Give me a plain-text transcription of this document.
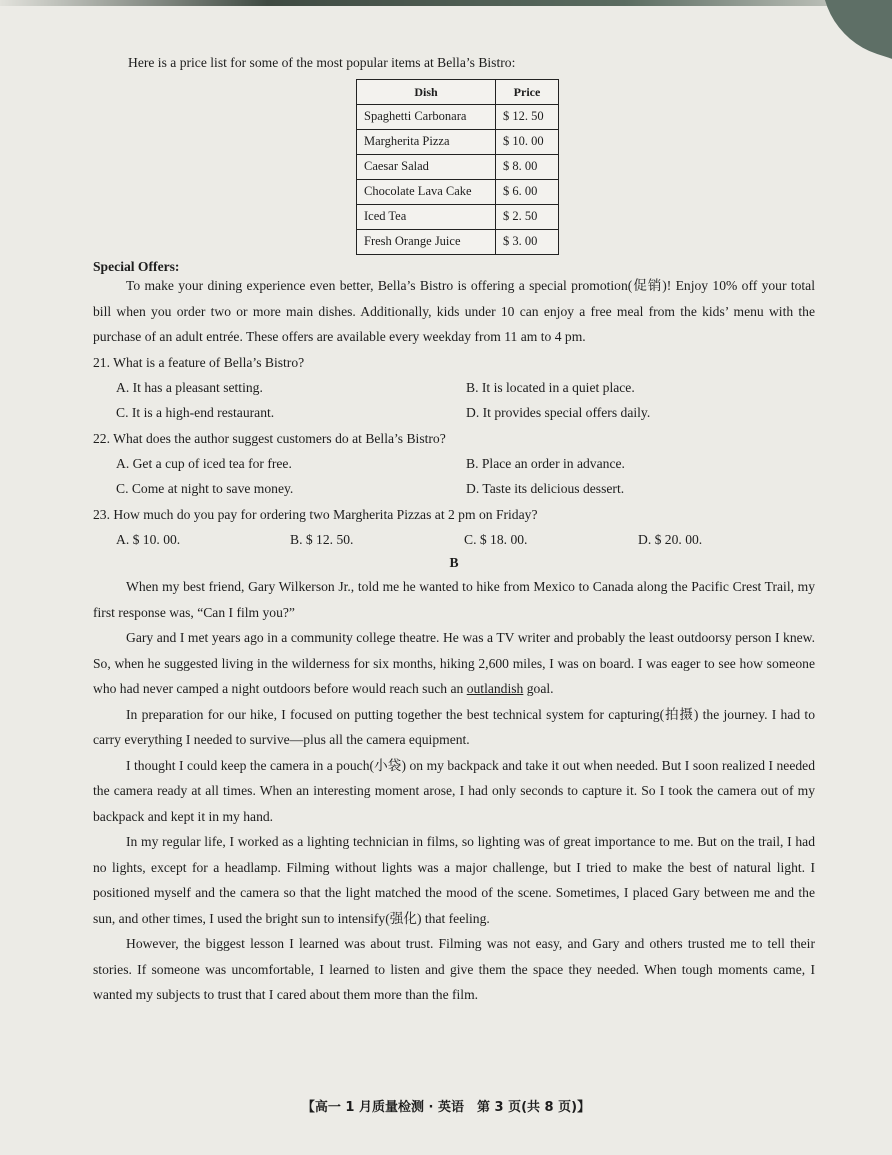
Here is a price list for some of the most popular items at Bella’s Bistro:
Dish	Price
Spaghetti Carbonara	$ 12. 50
Margherita Pizza	$ 10. 00
Caesar Salad	$ 8. 00
Chocolate Lava Cake	$ 6. 00
Iced Tea	$ 2. 50
Fresh Orange Juice	$ 3. 00
Special Offers:

To make your dining experience even better, Bella’s Bistro is offering a special promotion(促销)! Enjoy 10% off your total bill when you order two or more main dishes. Additionally, kids under 10 can enjoy a free meal from the kids’ menu with the purchase of an adult entrée. These offers are available every weekday from 11 am to 4 pm.

21. What is a feature of Bella’s Bistro?

A. It has a pleasant setting.	B. It is located in a quiet place.
C. It is a high-end restaurant.	D. It provides special offers daily.

22. What does the author suggest customers do at Bella’s Bistro?

A. Get a cup of iced tea for free.	B. Place an order in advance.
C. Come at night to save money.	D. Taste its delicious dessert.

23. How much do you pay for ordering two Margherita Pizzas at 2 pm on Friday?

A. $ 10. 00.	B. $ 12. 50.	C. $ 18. 00.	D. $ 20. 00.

B

When my best friend, Gary Wilkerson Jr., told me he wanted to hike from Mexico to Canada along the Pacific Crest Trail, my first response was, “Can I film you?”

Gary and I met years ago in a community college theatre. He was a TV writer and probably the least outdoorsy person I knew. So, when he suggested living in the wilderness for six months, hiking 2,600 miles, I was on board. I was eager to see how someone who had never camped a night outdoors before would reach such an outlandish goal.

In preparation for our hike, I focused on putting together the best technical system for capturing(拍摄) the journey. I had to carry everything I needed to survive—plus all the camera equipment.

I thought I could keep the camera in a pouch(小袋) on my backpack and take it out when needed. But I soon realized I needed the camera ready at all times. When an interesting moment arose, I had only seconds to capture it. So I took the camera out of my backpack and kept it in my hand.

In my regular life, I worked as a lighting technician in films, so lighting was of great importance to me. But on the trail, I had no lights, except for a headlamp. Filming without lights was a major challenge, but I tried to make the best of natural light. I positioned myself and the camera so that the light matched the mood of the scene. Sometimes, I placed Gary between me and the sun, and other times, I used the bright sun to intensify(强化) that feeling.

However, the biggest lesson I learned was about trust. Filming was not easy, and Gary and others trusted me to tell their stories. If someone was uncomfortable, I learned to listen and give them the space they needed. When tough moments came, I wanted my subjects to trust that I cared about them more than the film.

【高一 1 月质量检测 · 英语　第 3 页(共 8 页)】
